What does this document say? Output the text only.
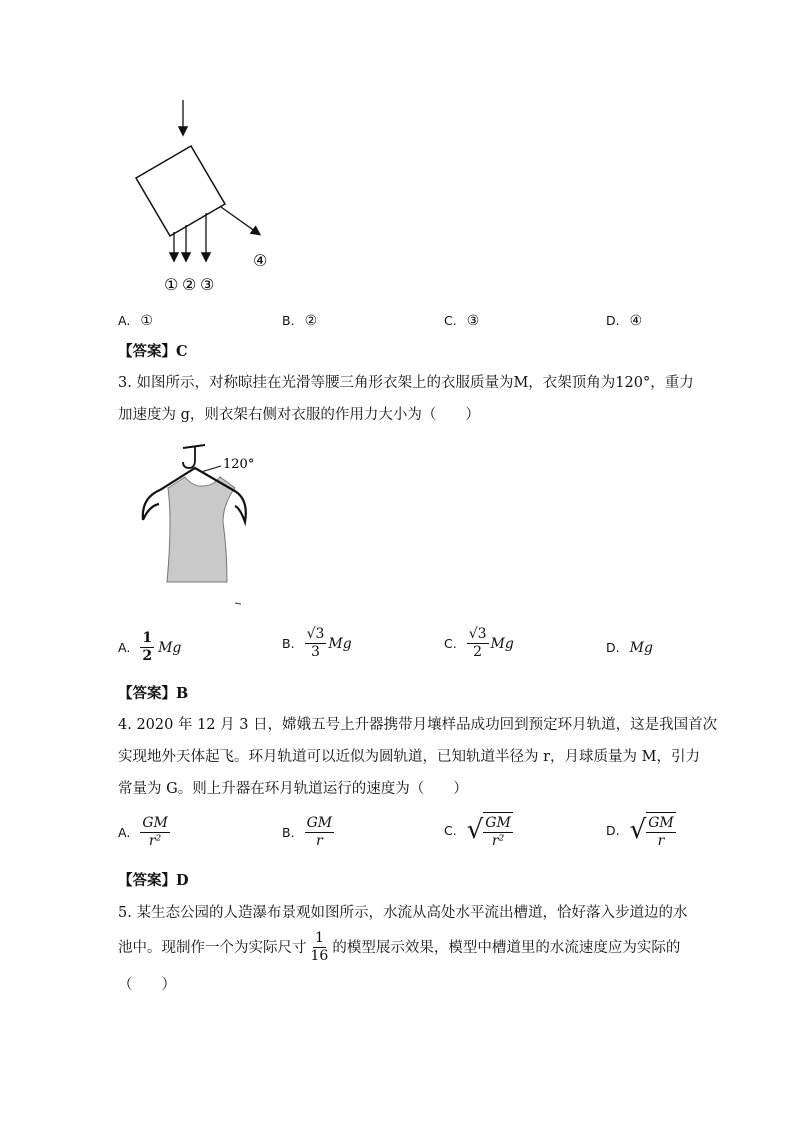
① ② ③
④
A. ①	B. ②	C. ③	D. ④
【答案】C
3. 如图所示，对称晾挂在光滑等腰三角形衣架上的衣服质量为M，衣架顶角为120°，重力
加速度为 g，则衣架右侧对衣服的作用力大小为（　　）
120°
A. $\frac{1}{2}$ Mg	B. $\frac{√3}{3}$ Mg	C. $\frac{√3}{2}$ Mg	D. Mg
【答案】B
4. 2020 年 12 月 3 日，嫦娥五号上升器携带月壤样品成功回到预定环月轨道，这是我国首次
实现地外天体起飞。环月轨道可以近似为圆轨道，已知轨道半径为 r，月球质量为 M，引力
常量为 G。则上升器在环月轨道运行的速度为（　　）
A. $\frac{GM}{\text{r²}}$	B. $\frac{GM}{r}$	C. √ $\frac{GM}{\text{r²}}$	D. √ $\frac{GM}{r}$
【答案】D
5. 某生态公园的人造瀑布景观如图所示，水流从高处水平流出槽道，恰好落入步道边的水
池中。现制作一个为实际尺寸 $\frac{1}{16}$ 的模型展示效果，模型中槽道里的水流速度应为实际的
（　　）
